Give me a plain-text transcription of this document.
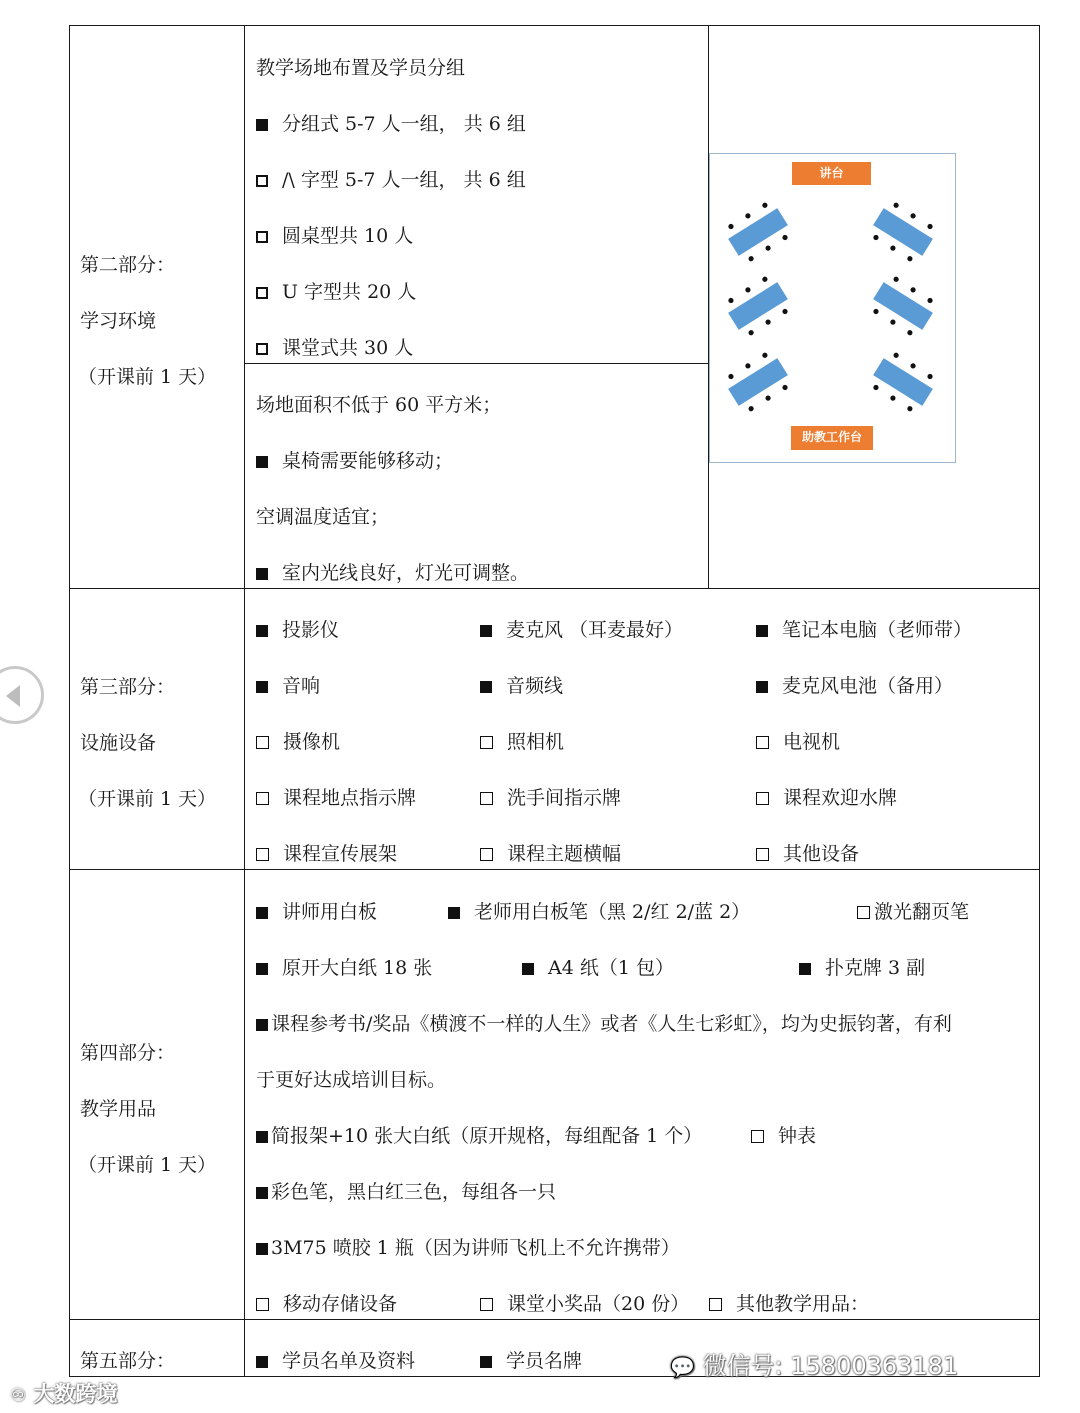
第二部分：
学习环境
（开课前 1 天）
教学场地布置及学员分组
分组式 5-7 人一组， 共 6 组
/\ 字型 5-7 人一组， 共 6 组
圆桌型共 10 人
U 字型共 20 人
课堂式共 30 人
场地面积不低于 60 平方米；
桌椅需要能够移动；
空调温度适宜；
室内光线良好，灯光可调整。
讲台
助教工作台
第三部分：
设施设备
（开课前 1 天）
投影仪	麦克风 （耳麦最好）	笔记本电脑（老师带）
音响	音频线	麦克风电池（备用）
摄像机	照相机	电视机
课程地点指示牌	洗手间指示牌	课程欢迎水牌
课程宣传展架	课程主题横幅	其他设备
第四部分：
教学用品
（开课前 1 天）
讲师用白板	老师用白板笔（黑 2/红 2/蓝 2）	激光翻页笔
原开大白纸 18 张	A4 纸（1 包）	扑克牌 3 副
课程参考书/奖品《横渡不一样的人生》或者《人生七彩虹》，均为史振钧著，有利
于更好达成培训目标。
简报架+10 张大白纸（原开规格，每组配备 1 个）	钟表
彩色笔，黑白红三色，每组各一只
3M75 喷胶 1 瓶（因为讲师飞机上不允许携带）
移动存储设备	课堂小奖品（20 份）	其他教学用品：
第五部分：	学员名单及资料	学员名牌
♾ 大数跨境
💬 微信号: 15800363181
